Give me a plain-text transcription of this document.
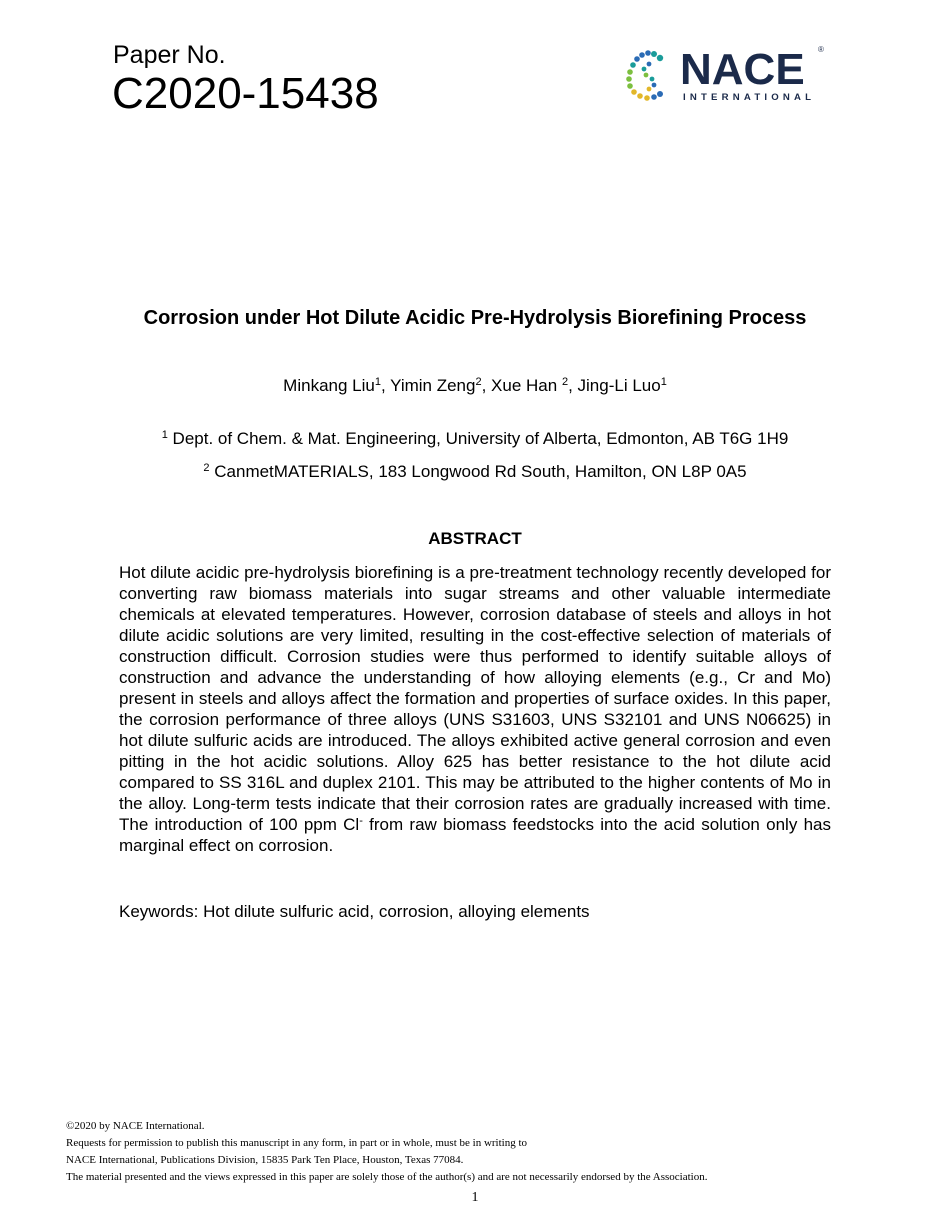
Paper No.
C2020-15438	NACE
INTERNATIONAL
®
Corrosion under Hot Dilute Acidic Pre-Hydrolysis Biorefining Process
Minkang Liu$^1$, Yimin Zeng$^2$, Xue Han $^2$, Jing-Li Luo$^1$
$^1$ Dept. of Chem. & Mat. Engineering, University of Alberta, Edmonton, AB T6G 1H9
$^2$ CanmetMATERIALS, 183 Longwood Rd South, Hamilton, ON L8P 0A5
ABSTRACT
Hot dilute acidic pre-hydrolysis biorefining is a pre-treatment technology recently developed for converting raw biomass materials into sugar streams and other valuable intermediate chemicals at elevated temperatures. However, corrosion database of steels and alloys in hot dilute acidic solutions are very limited, resulting in the cost-effective selection of materials of construction difficult. Corrosion studies were thus performed to identify suitable alloys of construction and advance the understanding of how alloying elements (e.g., Cr and Mo) present in steels and alloys affect the formation and properties of surface oxides. In this paper, the corrosion performance of three alloys (UNS S31603, UNS S32101 and UNS N06625) in hot dilute sulfuric acids are introduced. The alloys exhibited active general corrosion and even pitting in the hot acidic solutions. Alloy 625 has better resistance to the hot dilute acid compared to SS 316L and duplex 2101. This may be attributed to the higher contents of Mo in the alloy. Long-term tests indicate that their corrosion rates are gradually increased with time. The introduction of 100 ppm Cl- from raw biomass feedstocks into the acid solution only has marginal effect on corrosion.
Keywords: Hot dilute sulfuric acid, corrosion, alloying elements
©2020 by NACE International.
Requests for permission to publish this manuscript in any form, in part or in whole, must be in writing to
NACE International, Publications Division, 15835 Park Ten Place, Houston, Texas 77084.
The material presented and the views expressed in this paper are solely those of the author(s) and are not necessarily endorsed by the Association.
1
